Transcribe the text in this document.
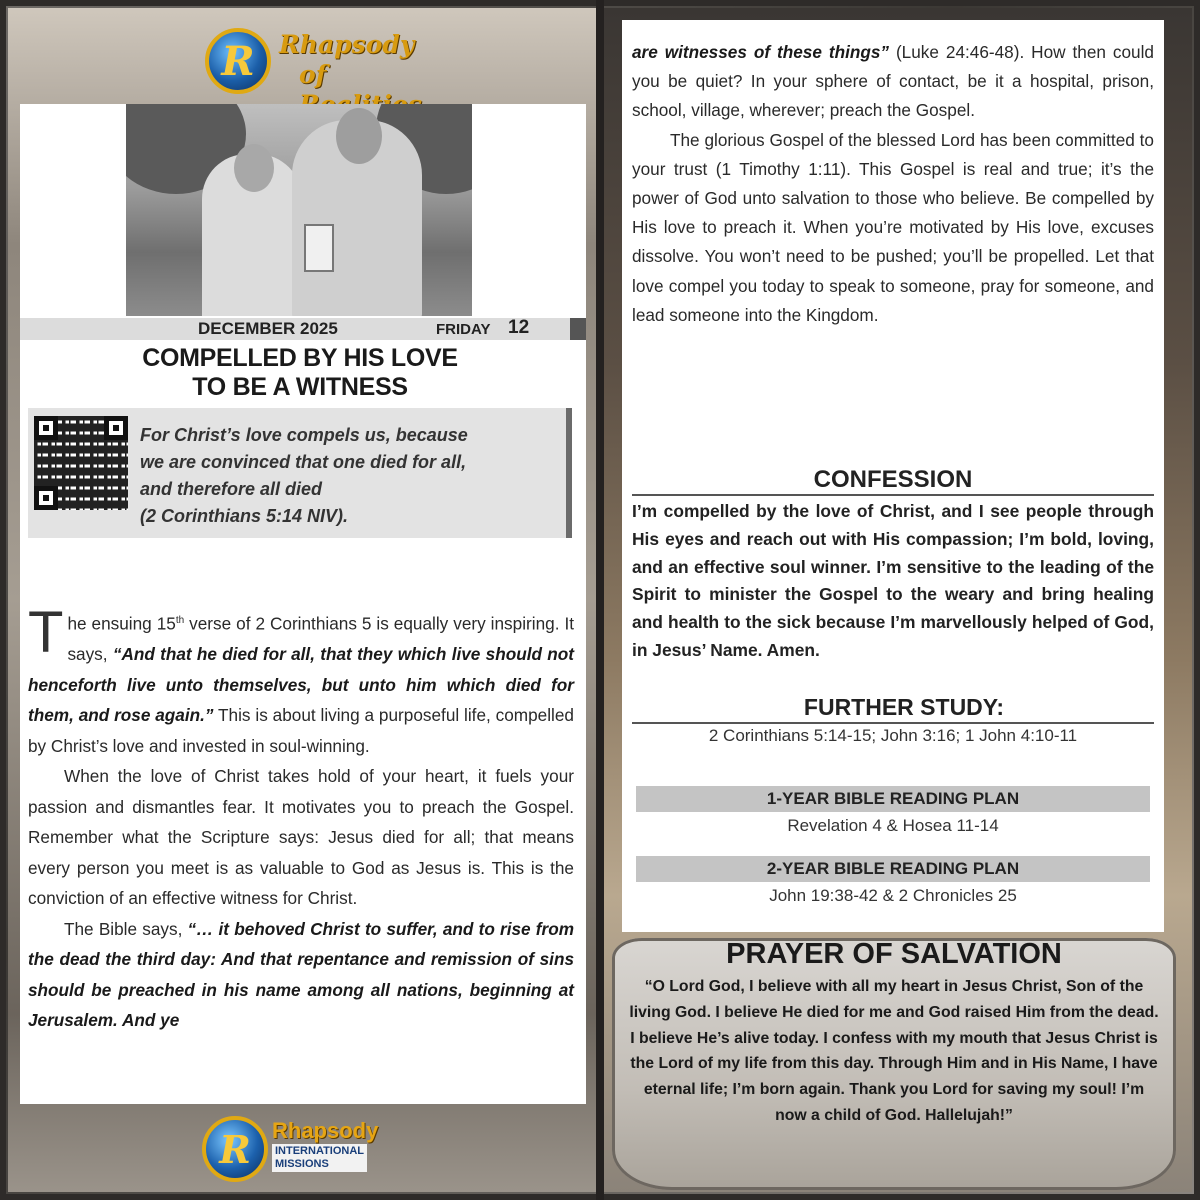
R Rhapsody
of
DECEMBER 2025	FRIDAY 12
COMPELLED BY HIS LOVE
TO BE A WITNESS
For Christ’s love compels us, because
we are convinced that one died for all,
and therefore all died
(2 Corinthians 5:14 NIV).

The ensuing 15th verse of 2 Corinthians 5 is equally very inspiring. It says, “And that he died for all, that they which live should not henceforth live unto themselves, but unto him which died for them, and rose again.” This is about living a purposeful life, compelled by Christ’s love and invested in soul-winning.

When the love of Christ takes hold of your heart, it fuels your passion and dismantles fear. It motivates you to preach the Gospel. Remember what the Scripture says: Jesus died for all; that means every person you meet is as valuable to God as Jesus is. This is the conviction of an effective witness for Christ.

The Bible says, “… it behoved Christ to suffer, and to rise from the dead the third day: And that repentance and remission of sins should be preached in his name among all nations, beginning at Jerusalem. And ye

R Rhapsody
INTERNATIONAL
MISSIONS

are witnesses of these things” (Luke 24:46-48). How then could you be quiet? In your sphere of contact, be it a hospital, prison, school, village, wherever; preach the Gospel.

The glorious Gospel of the blessed Lord has been committed to your trust (1 Timothy 1:11). This Gospel is real and true; it’s the power of God unto salvation to those who believe. Be compelled by His love to preach it. When you’re motivated by His love, excuses dissolve. You won’t need to be pushed; you’ll be propelled. Let that love compel you today to speak to someone, pray for someone, and lead someone into the Kingdom.

CONFESSION
I’m compelled by the love of Christ, and I see people through His eyes and reach out with His compassion; I’m bold, loving, and an effective soul winner. I’m sensitive to the leading of the Spirit to minister the Gospel to the weary and bring healing and health to the sick because I’m marvellously helped of God, in Jesus’ Name. Amen.
FURTHER STUDY:
2 Corinthians 5:14-15; John 3:16; 1 John 4:10-11
1-YEAR BIBLE READING PLAN
Revelation 4 & Hosea 11-14
2-YEAR BIBLE READING PLAN
John 19:38-42 & 2 Chronicles 25
PRAYER OF SALVATION
“O Lord God, I believe with all my heart in Jesus Christ, Son of the living God. I believe He died for me and God raised Him from the dead. I believe He’s alive today. I confess with my mouth that Jesus Christ is the Lord of my life from this day. Through Him and in His Name, I have eternal life; I’m born again. Thank you Lord for saving my soul! I’m now a child of God. Hallelujah!”
